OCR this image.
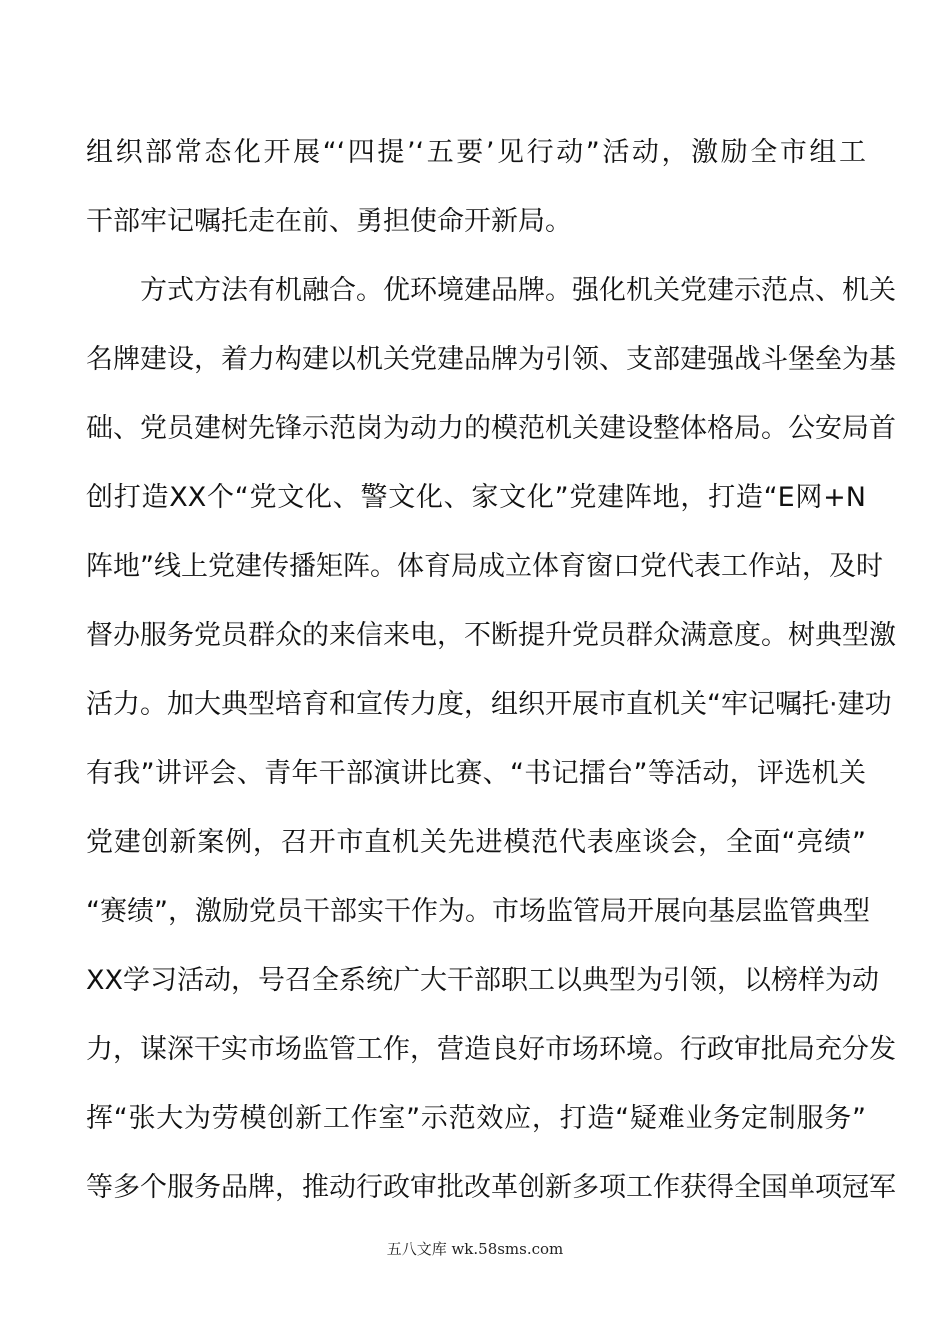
组织部常态化开展“‘四提’‘五要’见行动”活动，激励全市组工
干部牢记嘱托走在前、勇担使命开新局。
方式方法有机融合。优环境建品牌。强化机关党建示范点、机关
名牌建设，着力构建以机关党建品牌为引领、支部建强战斗堡垒为基
础、党员建树先锋示范岗为动力的模范机关建设整体格局。公安局首
创打造XX个“党文化、警文化、家文化”党建阵地，打造“E网+N
阵地”线上党建传播矩阵。体育局成立体育窗口党代表工作站，及时
督办服务党员群众的来信来电，不断提升党员群众满意度。树典型激
活力。加大典型培育和宣传力度，组织开展市直机关“牢记嘱托·建功
有我”讲评会、青年干部演讲比赛、“书记擂台”等活动，评选机关
党建创新案例，召开市直机关先进模范代表座谈会，全面“亮绩”
“赛绩”，激励党员干部实干作为。市场监管局开展向基层监管典型
XX学习活动，号召全系统广大干部职工以典型为引领，以榜样为动
力，谋深干实市场监管工作，营造良好市场环境。行政审批局充分发
挥“张大为劳模创新工作室”示范效应，打造“疑难业务定制服务”
等多个服务品牌，推动行政审批改革创新多项工作获得全国单项冠军
五八文库 wk.58sms.com
